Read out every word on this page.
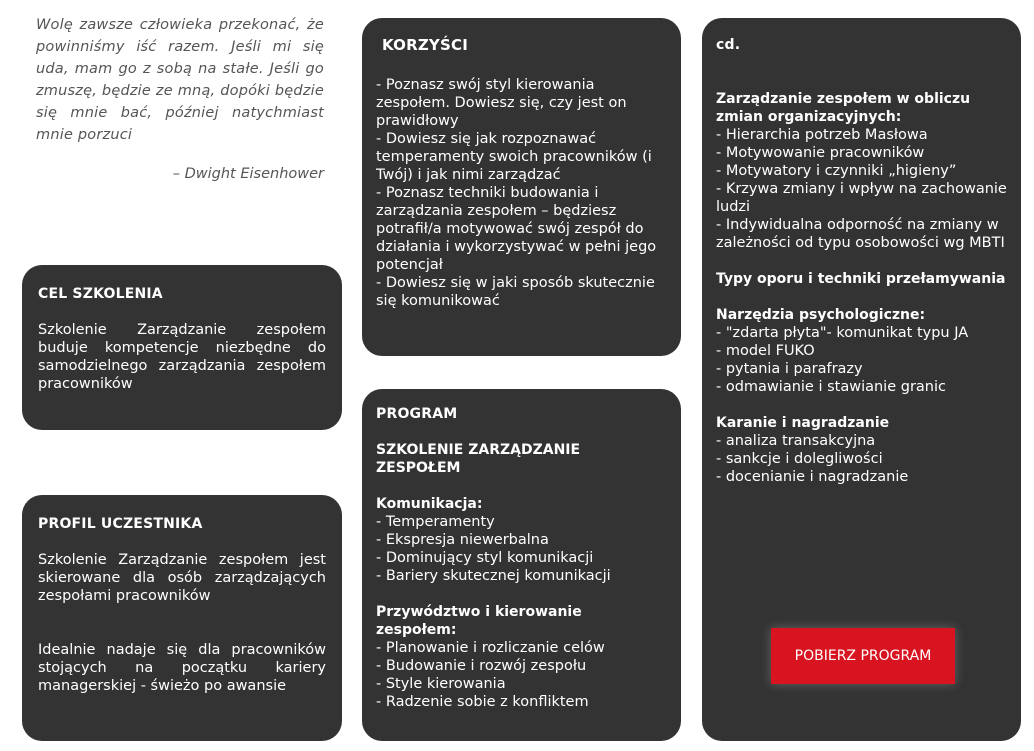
Wolę zawsze człowieka przekonać, że powinniśmy iść razem. Jeśli mi się uda, mam go z sobą na stałe. Jeśli go zmuszę, będzie ze mną, dopóki będzie się mnie bać, później natychmiast mnie porzuci
– Dwight Eisenhower
CEL SZKOLENIA
Szkolenie Zarządzanie zespołem buduje kompetencje niezbędne do samodzielnego zarządzania zespołem pracowników
PROFIL UCZESTNIKA
Szkolenie Zarządzanie zespołem jest skierowane dla osób zarządzających zespołami pracowników
Idealnie nadaje się dla pracowników stojących na początku kariery managerskiej - świeżo po awansie
KORZYŚCI
- Poznasz swój styl kierowania zespołem. Dowiesz się, czy jest on prawidłowy
- Dowiesz się jak rozpoznawać temperamenty swoich pracowników (i Twój) i jak nimi zarządzać
- Poznasz techniki budowania i zarządzania zespołem – będziesz potrafił/a motywować swój zespół do działania i wykorzystywać w pełni jego potencjał
- Dowiesz się w jaki sposób skutecznie się komunikować
PROGRAM
SZKOLENIE ZARZĄDZANIE ZESPOŁEM
Komunikacja:
- Temperamenty
- Ekspresja niewerbalna
- Dominujący styl komunikacji
- Bariery skutecznej komunikacji
Przywództwo i kierowanie zespołem:
- Planowanie i rozliczanie celów
- Budowanie i rozwój zespołu
- Style kierowania
- Radzenie sobie z konfliktem
cd.
Zarządzanie zespołem w obliczu zmian organizacyjnych:
- Hierarchia potrzeb Masłowa
- Motywowanie pracowników
- Motywatory i czynniki „higieny”
- Krzywa zmiany i wpływ na zachowanie ludzi
- Indywidualna odporność na zmiany w zależności od typu osobowości wg MBTI
Typy oporu i techniki przełamywania
Narzędzia psychologiczne:
- "zdarta płyta"- komunikat typu JA
- model FUKO
- pytania i parafrazy
- odmawianie i stawianie granic
Karanie i nagradzanie
- analiza transakcyjna
- sankcje i dolegliwości
- docenianie i nagradzanie
POBIERZ PROGRAM
